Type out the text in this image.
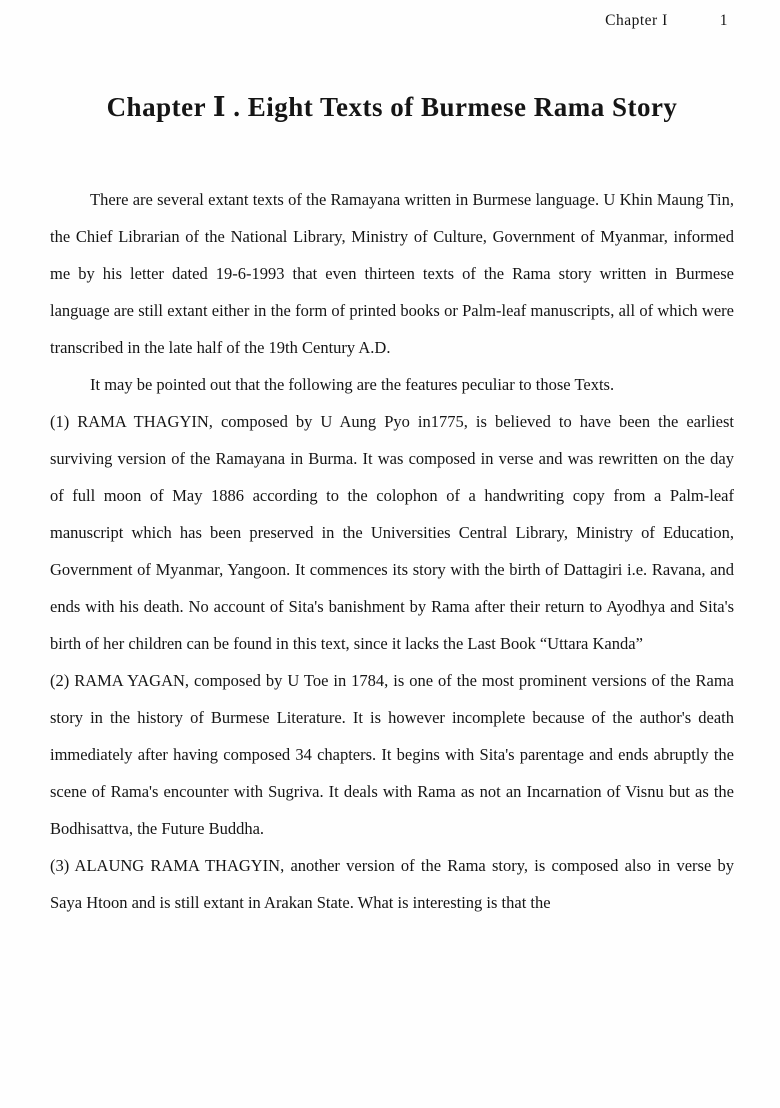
Chapter I	1
Chapter Ⅰ . Eight Texts of Burmese Rama Story

There are several extant texts of the Ramayana written in Burmese language. U Khin Maung Tin, the Chief Librarian of the National Library, Ministry of Culture, Government of Myanmar, informed me by his letter dated 19-6-1993 that even thirteen texts of the Rama story written in Burmese language are still extant either in the form of printed books or Palm-leaf manuscripts, all of which were transcribed in the late half of the 19th Century A.D.

It may be pointed out that the following are the features peculiar to those Texts.

(1) RAMA THAGYIN, composed by U Aung Pyo in1775, is believed to have been the earliest surviving version of the Ramayana in Burma. It was composed in verse and was rewritten on the day of full moon of May 1886 according to the colophon of a handwriting copy from a Palm-leaf manuscript which has been preserved in the Universities Central Library, Ministry of Education, Government of Myanmar, Yangoon. It commences its story with the birth of Dattagiri i.e. Ravana, and ends with his death. No account of Sita's banishment by Rama after their return to Ayodhya and Sita's birth of her children can be found in this text, since it lacks the Last Book “Uttara Kanda”

(2) RAMA YAGAN, composed by U Toe in 1784, is one of the most prominent versions of the Rama story in the history of Burmese Literature. It is however incomplete because of the author's death immediately after having composed 34 chapters. It begins with Sita's parentage and ends abruptly the scene of Rama's encounter with Sugriva. It deals with Rama as not an Incarnation of Visnu but as the Bodhisattva, the Future Buddha.

(3) ALAUNG RAMA THAGYIN, another version of the Rama story, is composed also in verse by Saya Htoon and is still extant in Arakan State. What is interesting is that the
